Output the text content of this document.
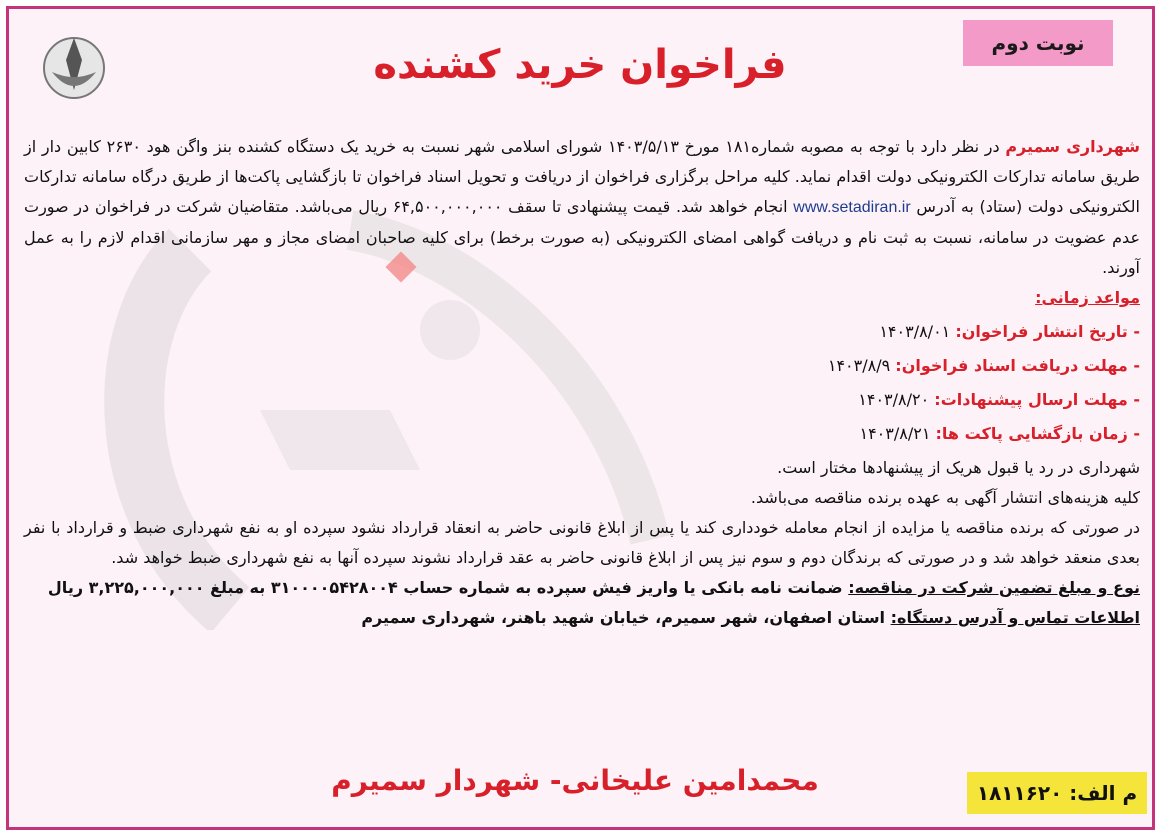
نوبت دوم
فراخوان خرید کشنده

شهرداری سمیرم در نظر دارد با توجه به مصوبه شماره۱۸۱ مورخ ۱۴۰۳/۵/۱۳ شورای اسلامی شهر نسبت به خرید یک دستگاه کشنده بنز واگن هود ۲۶۳۰ کابین دار از طریق سامانه تدارکات الکترونیکی دولت اقدام نماید. کلیه مراحل برگزاری فراخوان از دریافت و تحویل اسناد فراخوان تا بازگشایی پاکت‌ها از طریق درگاه سامانه تدارکات الکترونیکی دولت (ستاد) به آدرس www.setadiran.ir انجام خواهد شد. قیمت پیشنهادی تا سقف ۶۴,۵۰۰,۰۰۰,۰۰۰ ریال می‌باشد. متقاضیان شرکت در فراخوان در صورت عدم عضویت در سامانه، نسبت به ثبت نام و دریافت گواهی امضای الکترونیکی (به صورت برخط) برای کلیه صاحبان امضای مجاز و مهر سازمانی اقدام لازم را به عمل آورند.

مواعد زمانی:
- تاریخ انتشار فراخوان: ۱۴۰۳/۸/۰۱
- مهلت دریافت اسناد فراخوان: ۱۴۰۳/۸/۹
- مهلت ارسال پیشنهادات: ۱۴۰۳/۸/۲۰
- زمان بازگشایی پاکت ها: ۱۴۰۳/۸/۲۱

شهرداری در رد یا قبول هریک از پیشنهادها مختار است.

کلیه هزینه‌های انتشار آگهی به عهده برنده مناقصه می‌باشد.

در صورتی که برنده مناقصه یا مزایده از انجام معامله خودداری کند یا پس از ابلاغ قانونی حاضر به انعقاد قرارداد نشود سپرده او به نفع شهرداری ضبط و قرارداد با نفر بعدی منعقد خواهد شد و در صورتی که برندگان دوم و سوم نیز پس از ابلاغ قانونی حاضر به عقد قرارداد نشوند سپرده آنها به نفع شهرداری ضبط خواهد شد.

نوع و مبلغ تضمین شرکت در مناقصه: ضمانت نامه بانکی یا واریز فیش سپرده به شماره حساب ۳۱۰۰۰۰۵۴۲۸۰۰۴ به مبلغ ۳,۲۲۵,۰۰۰,۰۰۰ ریال

اطلاعات تماس و آدرس دستگاه: استان اصفهان، شهر سمیرم، خیابان شهید باهنر، شهرداری سمیرم

محمدامین علیخانی- شهردار سمیرم	م الف: ۱۸۱۱۶۲۰
